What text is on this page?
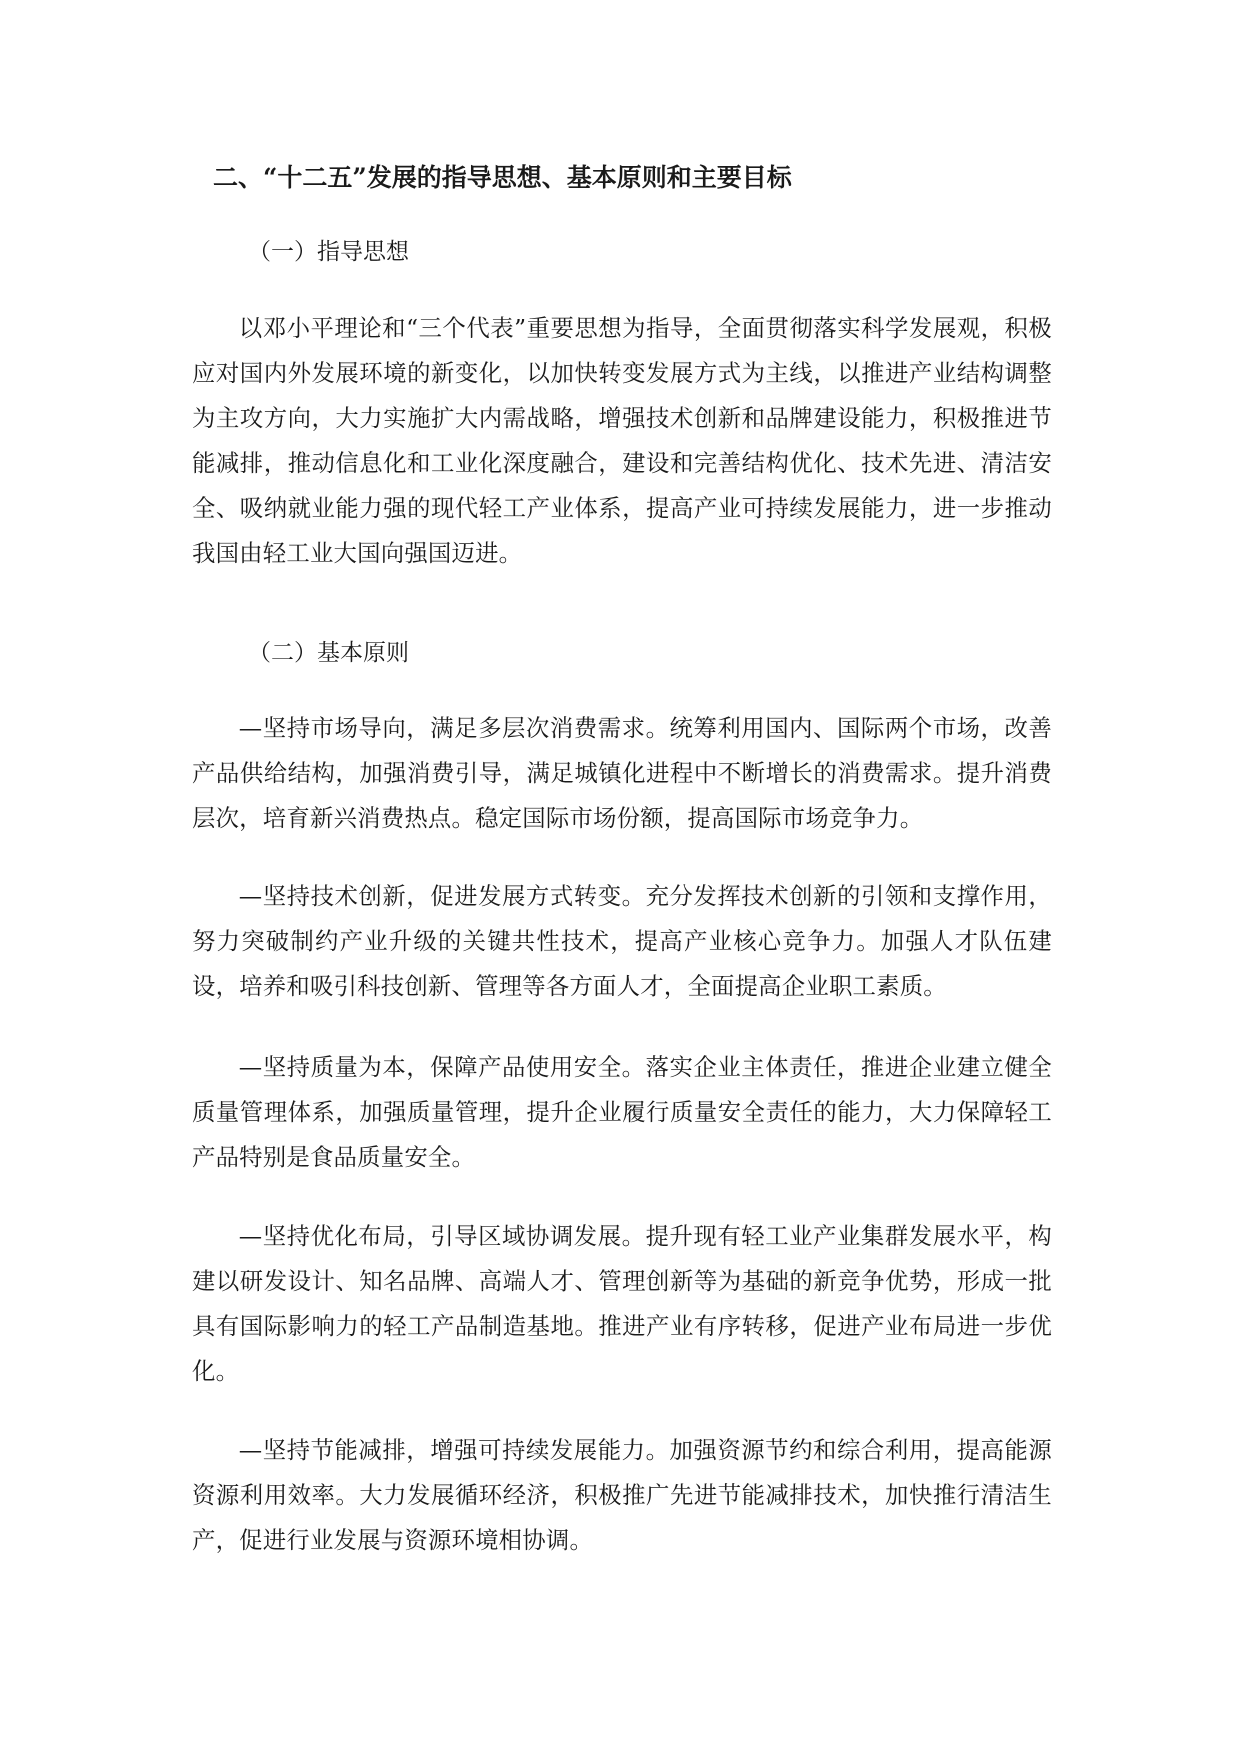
二、“十二五”发展的指导思想、基本原则和主要目标
（一）指导思想
以邓小平理论和“三个代表”重要思想为指导，全面贯彻落实科学发展观，积极应对国内外发展环境的新变化，以加快转变发展方式为主线，以推进产业结构调整为主攻方向，大力实施扩大内需战略，增强技术创新和品牌建设能力，积极推进节能减排，推动信息化和工业化深度融合，建设和完善结构优化、技术先进、清洁安全、吸纳就业能力强的现代轻工产业体系，提高产业可持续发展能力，进一步推动我国由轻工业大国向强国迈进。
（二）基本原则
—坚持市场导向，满足多层次消费需求。统筹利用国内、国际两个市场，改善产品供给结构，加强消费引导，满足城镇化进程中不断增长的消费需求。提升消费层次，培育新兴消费热点。稳定国际市场份额，提高国际市场竞争力。
—坚持技术创新，促进发展方式转变。充分发挥技术创新的引领和支撑作用，努力突破制约产业升级的关键共性技术，提高产业核心竞争力。加强人才队伍建设，培养和吸引科技创新、管理等各方面人才，全面提高企业职工素质。
—坚持质量为本，保障产品使用安全。落实企业主体责任，推进企业建立健全质量管理体系，加强质量管理，提升企业履行质量安全责任的能力，大力保障轻工产品特别是食品质量安全。
—坚持优化布局，引导区域协调发展。提升现有轻工业产业集群发展水平，构建以研发设计、知名品牌、高端人才、管理创新等为基础的新竞争优势，形成一批具有国际影响力的轻工产品制造基地。推进产业有序转移，促进产业布局进一步优化。
—坚持节能减排，增强可持续发展能力。加强资源节约和综合利用，提高能源资源利用效率。大力发展循环经济，积极推广先进节能减排技术，加快推行清洁生产，促进行业发展与资源环境相协调。
